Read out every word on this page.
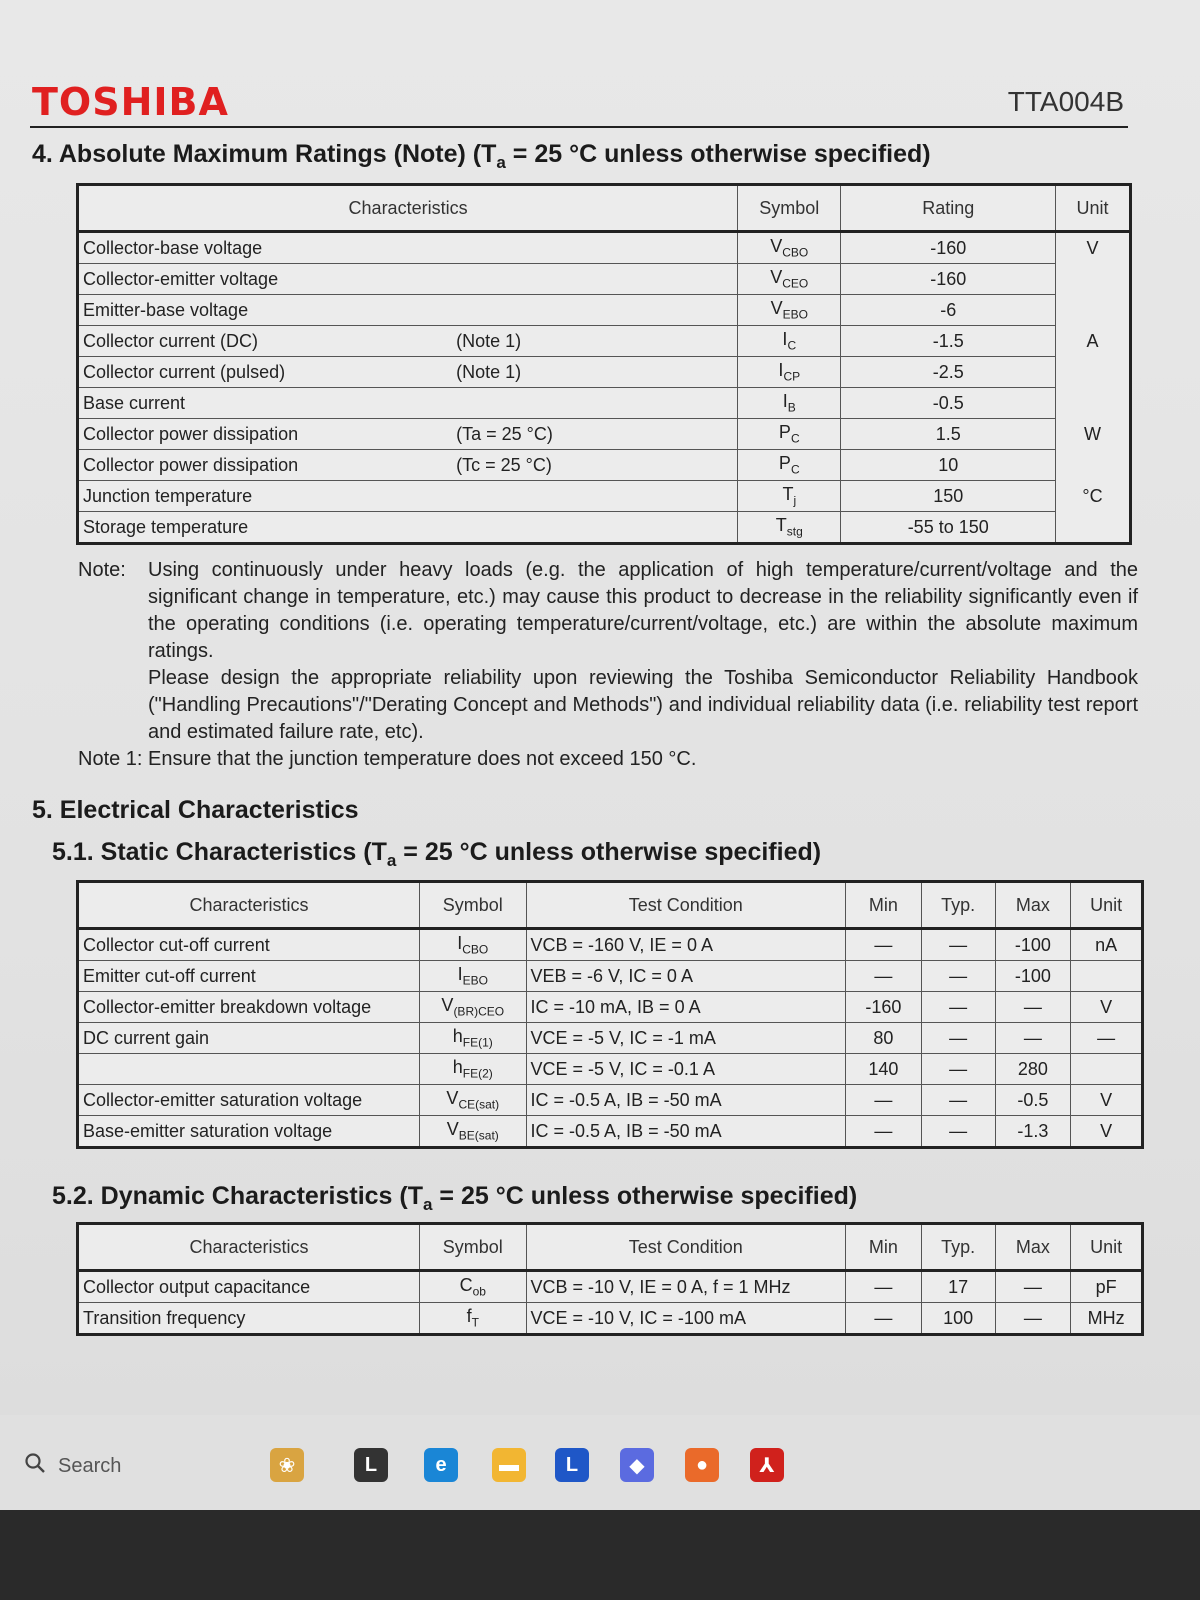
TOSHIBA	TTA004B
4. Absolute Maximum Ratings (Note) ($T_a = 25$ °C unless otherwise specified)
Characteristics		Symbol	Rating	Unit
Collector-base voltage		$V_{CBO}$	-160	V
Collector-emitter voltage		$V_{CEO}$	-160	
Emitter-base voltage		$V_{EBO}$	-6	
Collector current (DC)	(Note 1)	$I_C$	-1.5	A
Collector current (pulsed)	(Note 1)	$I_{CP}$	-2.5	
Base current		$I_B$	-0.5	
Collector power dissipation	(Ta = 25 °C)	$P_C$	1.5	W
Collector power dissipation	(Tc = 25 °C)	$P_C$	10	
Junction temperature		$T_j$	150	°C
Storage temperature		$T_{stg}$	-55 to 150	
Note:	Using continuously under heavy loads (e.g. the application of high temperature/current/voltage and the significant change in temperature, etc.) may cause this product to decrease in the reliability significantly even if the operating conditions (i.e. operating temperature/current/voltage, etc.) are within the absolute maximum ratings.
Please design the appropriate reliability upon reviewing the Toshiba Semiconductor Reliability Handbook ("Handling Precautions"/"Derating Concept and Methods") and individual reliability data (i.e. reliability test report and estimated failure rate, etc).
Note 1: Ensure that the junction temperature does not exceed 150 °C.
5. Electrical Characteristics
5.1. Static Characteristics ($T_a = 25$ °C unless otherwise specified)
Characteristics	Symbol	Test Condition	Min	Typ.	Max	Unit
Collector cut-off current	$I_{CBO}$	VCB = -160 V, IE = 0 A	—	—	-100	nA
Emitter cut-off current	$I_{EBO}$	VEB = -6 V, IC = 0 A	—	—	-100	
Collector-emitter breakdown voltage	$V_{(BR)CEO}$	IC = -10 mA, IB = 0 A	-160	—	—	V
DC current gain	$h_{FE(1)}$	VCE = -5 V, IC = -1 mA	80	—	—	—
	$h_{FE(2)}$	VCE = -5 V, IC = -0.1 A	140	—	280	
Collector-emitter saturation voltage	$V_{CE(sat)}$	IC = -0.5 A, IB = -50 mA	—	—	-0.5	V
Base-emitter saturation voltage	$V_{BE(sat)}$	IC = -0.5 A, IB = -50 mA	—	—	-1.3	V
5.2. Dynamic Characteristics ($T_a = 25$ °C unless otherwise specified)
Characteristics	Symbol	Test Condition	Min	Typ.	Max	Unit
Collector output capacitance	$C_{ob}$	VCB = -10 V, IE = 0 A, f = 1 MHz	—	17	—	pF
Transition frequency	$f_T$	VCE = -10 V, IC = -100 mA	—	100	—	MHz
Search	❀	L	e	▬	L	◆	●	⅄
